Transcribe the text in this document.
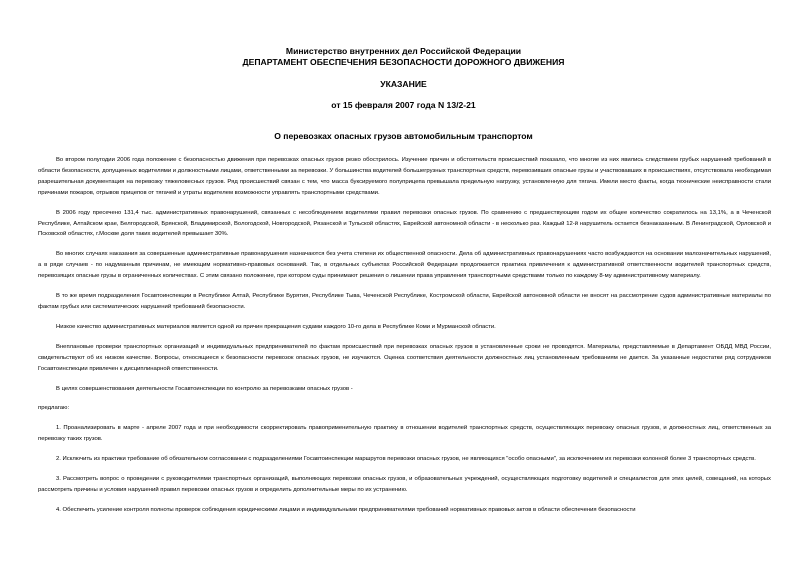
Министерство внутренних дел Российской Федерации
ДЕПАРТАМЕНТ ОБЕСПЕЧЕНИЯ БЕЗОПАСНОСТИ ДОРОЖНОГО ДВИЖЕНИЯ
УКАЗАНИЕ
от 15 февраля 2007 года N 13/2-21
О перевозках опасных грузов автомобильным транспортом

Во втором полугодии 2006 года положение с безопасностью движения при перевозках опасных грузов резко обострилось. Изучение причин и обстоятельств происшествий показало, что многие из них явились следствием грубых нарушений требований в области безопасности, допущенных водителями и должностными лицами, ответственными за перевозки. У большинства водителей большегрузных транспортных средств, перевозивших опасные грузы и участвовавших в происшествиях, отсутствовала необходимая разрешительная документация на перевозку тяжеловесных грузов. Ряд происшествий связан с тем, что масса буксируемого полуприцепа превышала предельную нагрузку, установленную для тягача. Имели место факты, когда технические неисправности стали причинами пожаров, отрывов прицепов от тягачей и утраты водителем возможности управлять транспортными средствами.

В 2006 году пресечено 131,4 тыс. административных правонарушений, связанных с несоблюдением водителями правил перевозки опасных грузов. По сравнению с предшествующим годом их общее количество сократилось на 13,1%, а в Чеченской Республике, Алтайском крае, Белгородской, Брянской, Владимирской, Вологодской, Новгородской, Рязанской и Тульской областях, Еврейской автономной области - в несколько раз. Каждый 12-й нарушитель остается безнаказанным. В Ленинградской, Орловской и Псковской областях, г.Москве доля таких водителей превышает 30%.

Во многих случаях наказания за совершенные административные правонарушения назначаются без учета степени их общественной опасности. Дела об административных правонарушениях часто возбуждаются на основании малозначительных нарушений, а в ряде случаев - по надуманным причинам, не имеющим нормативно-правовых оснований. Так, в отдельных субъектах Российской Федерации продолжается практика привлечения к административной ответственности водителей транспортных средств, перевозящих опасные грузы в ограниченных количествах. С этим связано положение, при котором суды принимают решения о лишении права управления транспортными средствами только по каждому 8-му административному материалу.

В то же время подразделения Госавтоинспекции в Республике Алтай, Республике Бурятия, Республике Тыва, Чеченской Республике, Костромской области, Еврейской автономной области не вносят на рассмотрение судов административные материалы по фактам грубых или систематических нарушений требований безопасности.

Низкое качество административных материалов является одной из причин прекращения судами каждого 10-го дела в Республике Коми и Мурманской области.

Внеплановые проверки транспортных организаций и индивидуальных предпринимателей по фактам происшествий при перевозках опасных грузов в установленные сроки не проводятся. Материалы, представляемые в Департамент ОБДД МВД России, свидетельствуют об их низком качестве. Вопросы, относящиеся к безопасности перевозок опасных грузов, не изучаются. Оценка соответствия деятельности должностных лиц установленным требованиям не дается. За указанные недостатки ряд сотрудников Госавтоинспекции привлечен к дисциплинарной ответственности.

В целях совершенствования деятельности Госавтоинспекции по контролю за перевозками опасных грузов -

предлагаю:

1. Проанализировать в марте - апреле 2007 года и при необходимости скорректировать правоприменительную практику в отношении водителей транспортных средств, осуществляющих перевозку опасных грузов, и должностных лиц, ответственных за перевозку таких грузов.

2. Исключить из практики требование об обязательном согласовании с подразделениями Госавтоинспекции маршрутов перевозки опасных грузов, не являющихся "особо опасными", за исключением их перевозки колонной более 3 транспортных средств.

3. Рассмотреть вопрос о проведении с руководителями транспортных организаций, выполняющих перевозки опасных грузов, и образовательных учреждений, осуществляющих подготовку водителей и специалистов для этих целей, совещаний, на которых рассмотреть причины и условия нарушений правил перевозки опасных грузов и определить дополнительные меры по их устранению.

4. Обеспечить усиление контроля полноты проверок соблюдения юридическими лицами и индивидуальными предпринимателями требований нормативных правовых актов в области обеспечения безопасности
